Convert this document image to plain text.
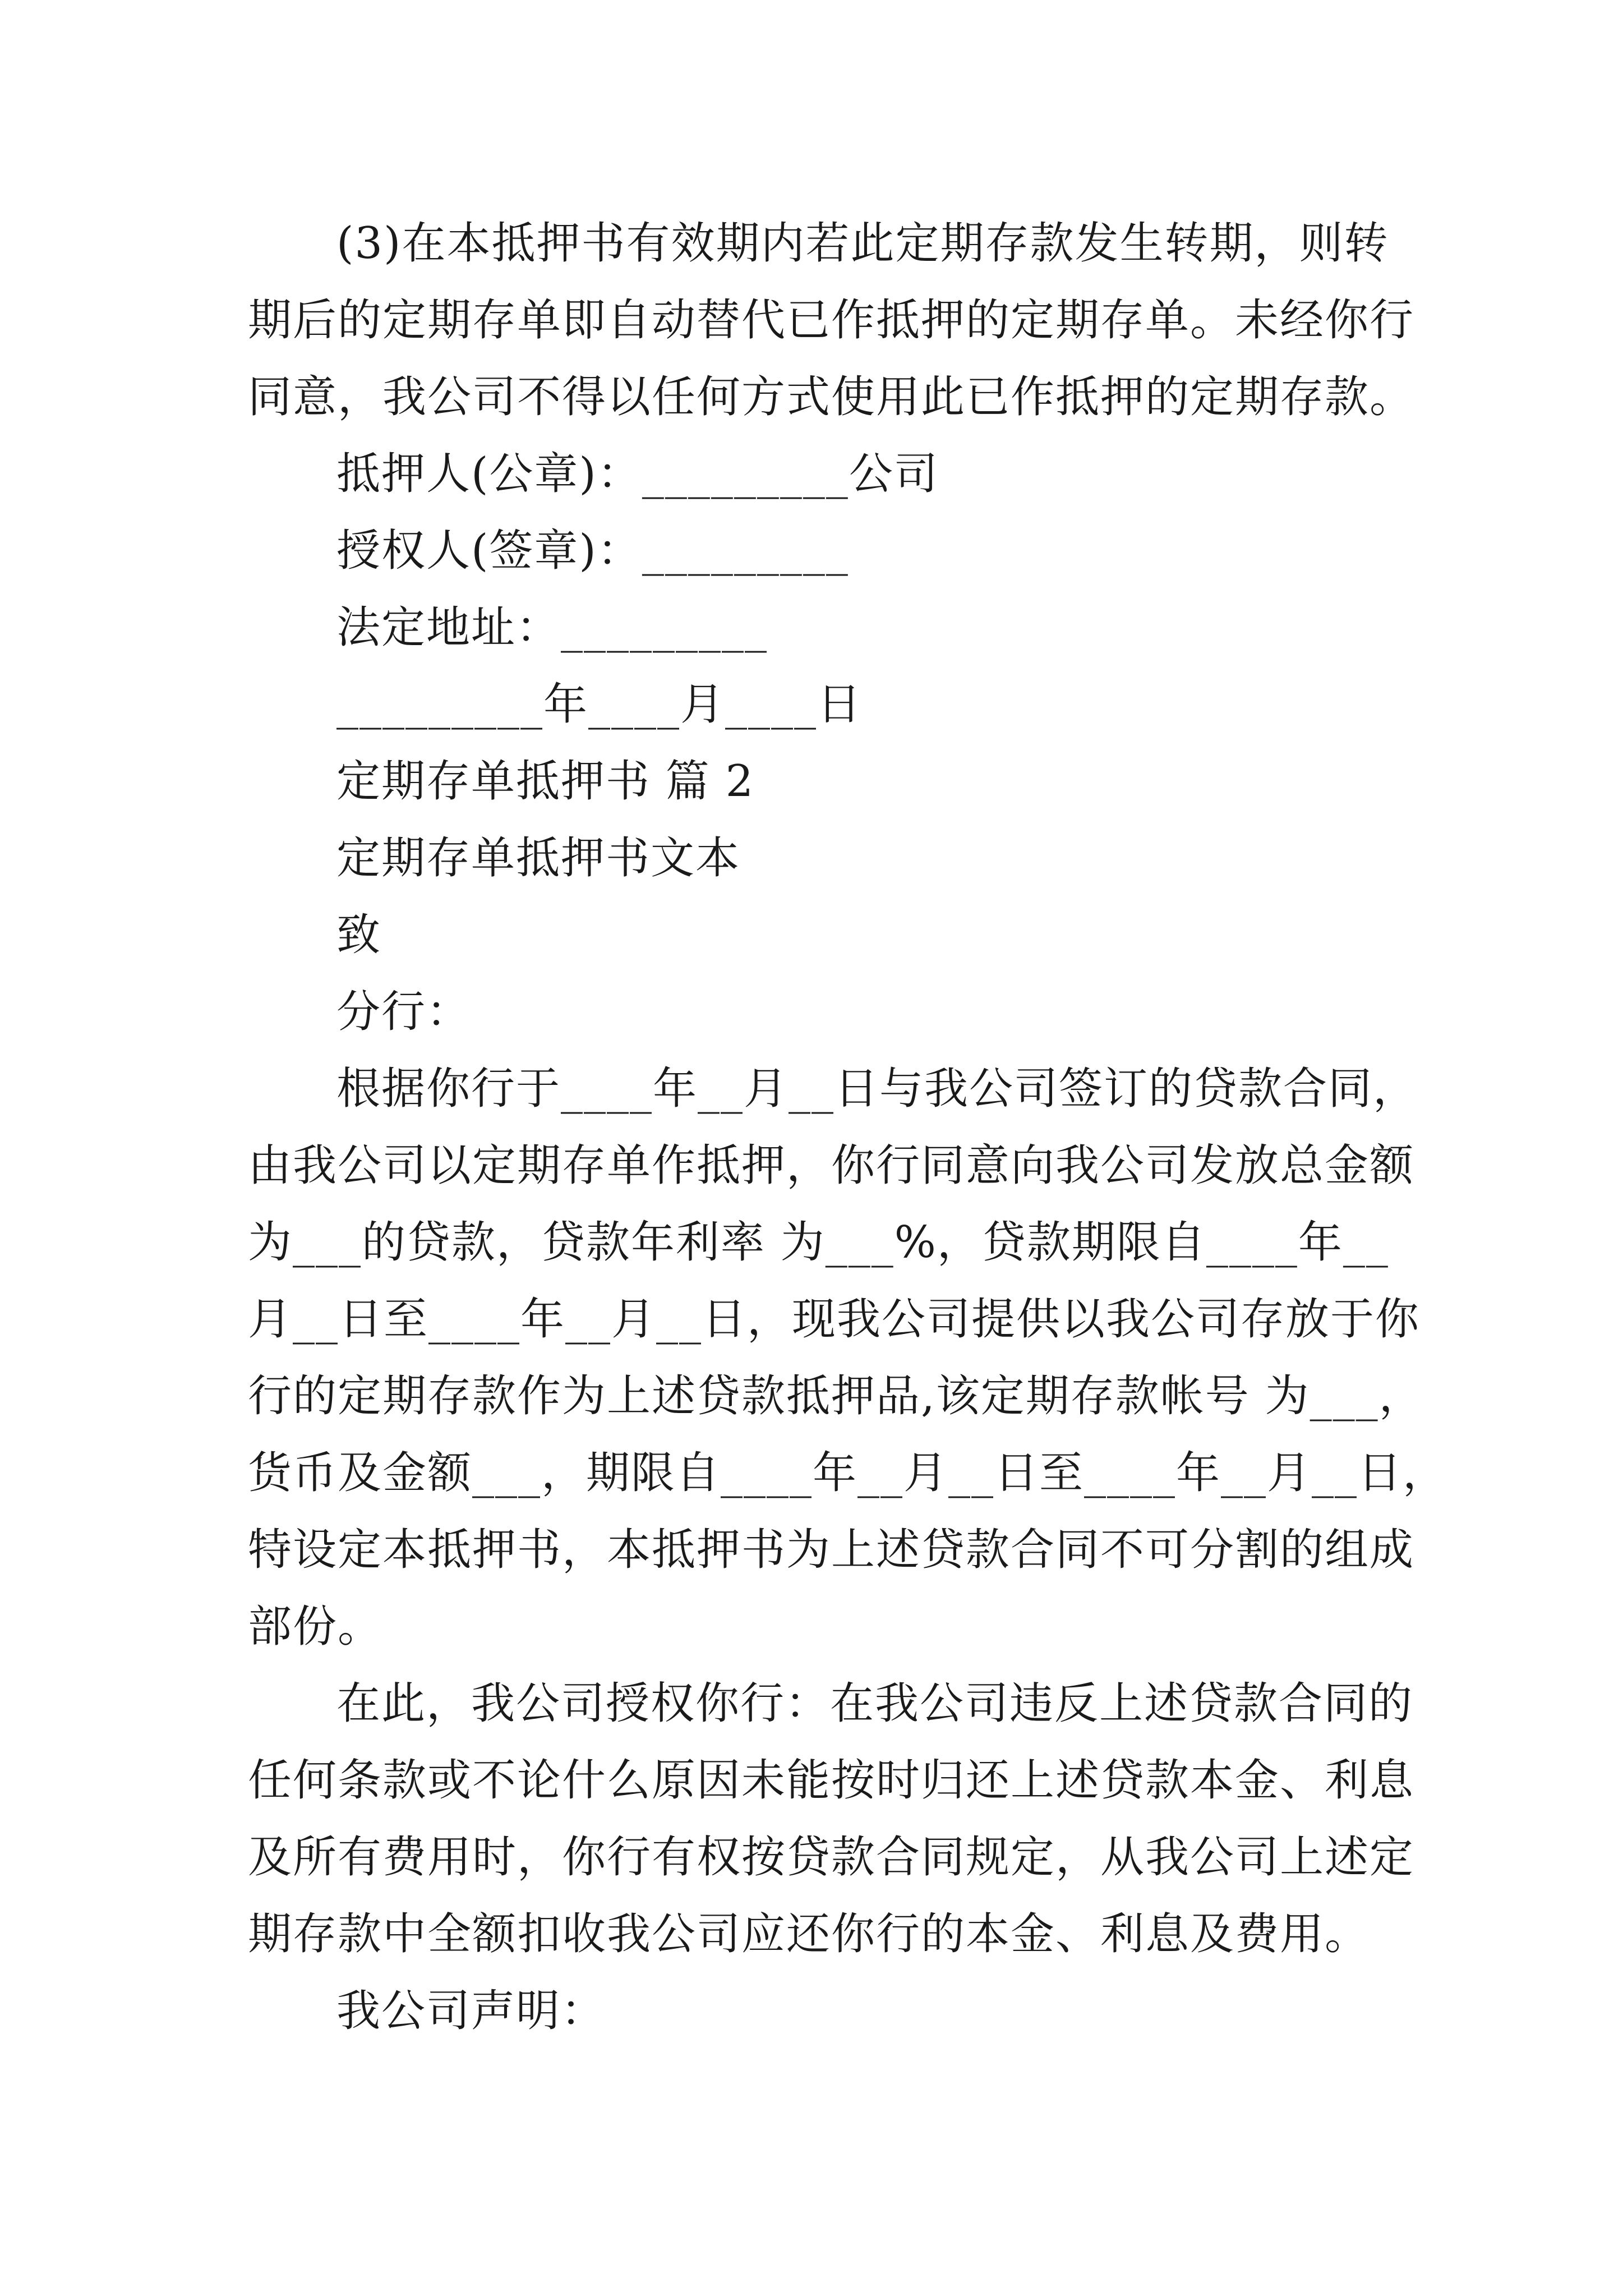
(3)在本抵押书有效期内若此定期存款发生转期，则转

期后的定期存单即自动替代已作抵押的定期存单。未经你行

同意，我公司不得以任何方式使用此已作抵押的定期存款。

抵押人(公章)：_________公司

授权人(签章)：_________

法定地址：_________

_________年____月____日

定期存单抵押书 篇 2

定期存单抵押书文本

致

分行：

根据你行于____年__月__日与我公司签订的贷款合同，

由我公司以定期存单作抵押，你行同意向我公司发放总金额

为___的贷款，贷款年利率 为___%，贷款期限自____年__

月__日至____年__月__日，现我公司提供以我公司存放于你

行的定期存款作为上述贷款抵押品,该定期存款帐号 为___，

货币及金额___，期限自____年__月__日至____年__月__日，

特设定本抵押书，本抵押书为上述贷款合同不可分割的组成

部份。

在此，我公司授权你行：在我公司违反上述贷款合同的

任何条款或不论什么原因未能按时归还上述贷款本金、利息

及所有费用时，你行有权按贷款合同规定，从我公司上述定

期存款中全额扣收我公司应还你行的本金、利息及费用。

我公司声明：
